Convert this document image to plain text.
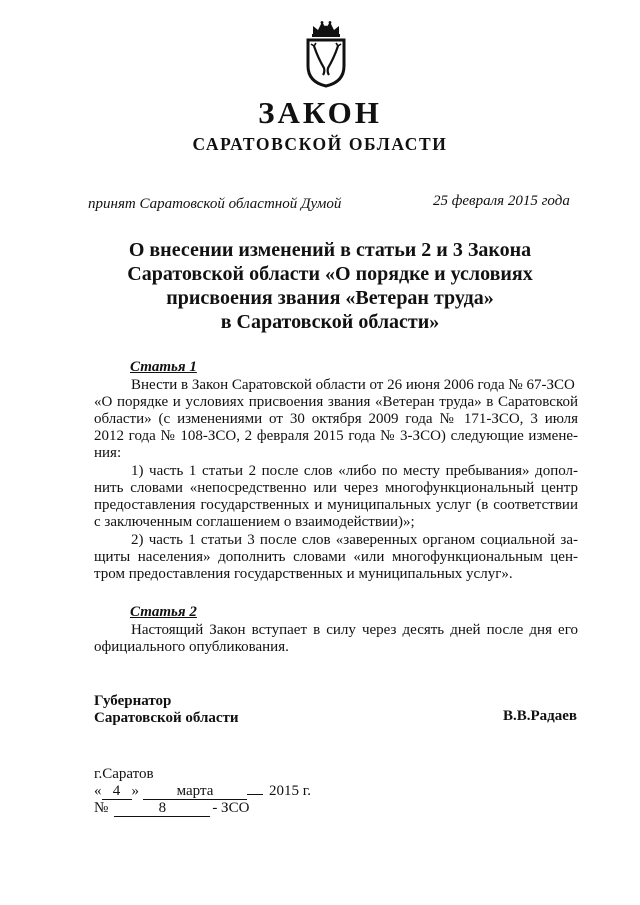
ЗАКОН
САРАТОВСКОЙ ОБЛАСТИ
принят Саратовской областной Думой	25 февраля 2015 года
О внесении изменений в статьи 2 и 3 Закона
Саратовской области «О порядке и условиях
присвоения звания «Ветеран труда»
в Саратовской области»
Статья 1
Внести в Закон Саратовской области от 26 июня 2006 года № 67-ЗСО
«О порядке и условиях присвоения звания «Ветеран труда» в Саратовской
области» (с изменениями от 30 октября 2009 года № 171-ЗСО, 3 июля
2012 года № 108-ЗСО, 2 февраля 2015 года № 3-ЗСО) следующие измене-
ния:
1) часть 1 статьи 2 после слов «либо по месту пребывания» допол-
нить словами «непосредственно или через многофункциональный центр
предоставления государственных и муниципальных услуг (в соответствии
с заключенным соглашением о взаимодействии)»;
2) часть 1 статьи 3 после слов «заверенных органом социальной за-
щиты населения» дополнить словами «или многофункциональным цен-
тром предоставления государственных и муниципальных услуг».
Статья 2
Настоящий Закон вступает в силу через десять дней после дня его
официального опубликования.
Губернатор
Саратовской области	В.В.Радаев
г.Саратов
« 4 »	марта	2015 г.
№	8	- ЗСО
